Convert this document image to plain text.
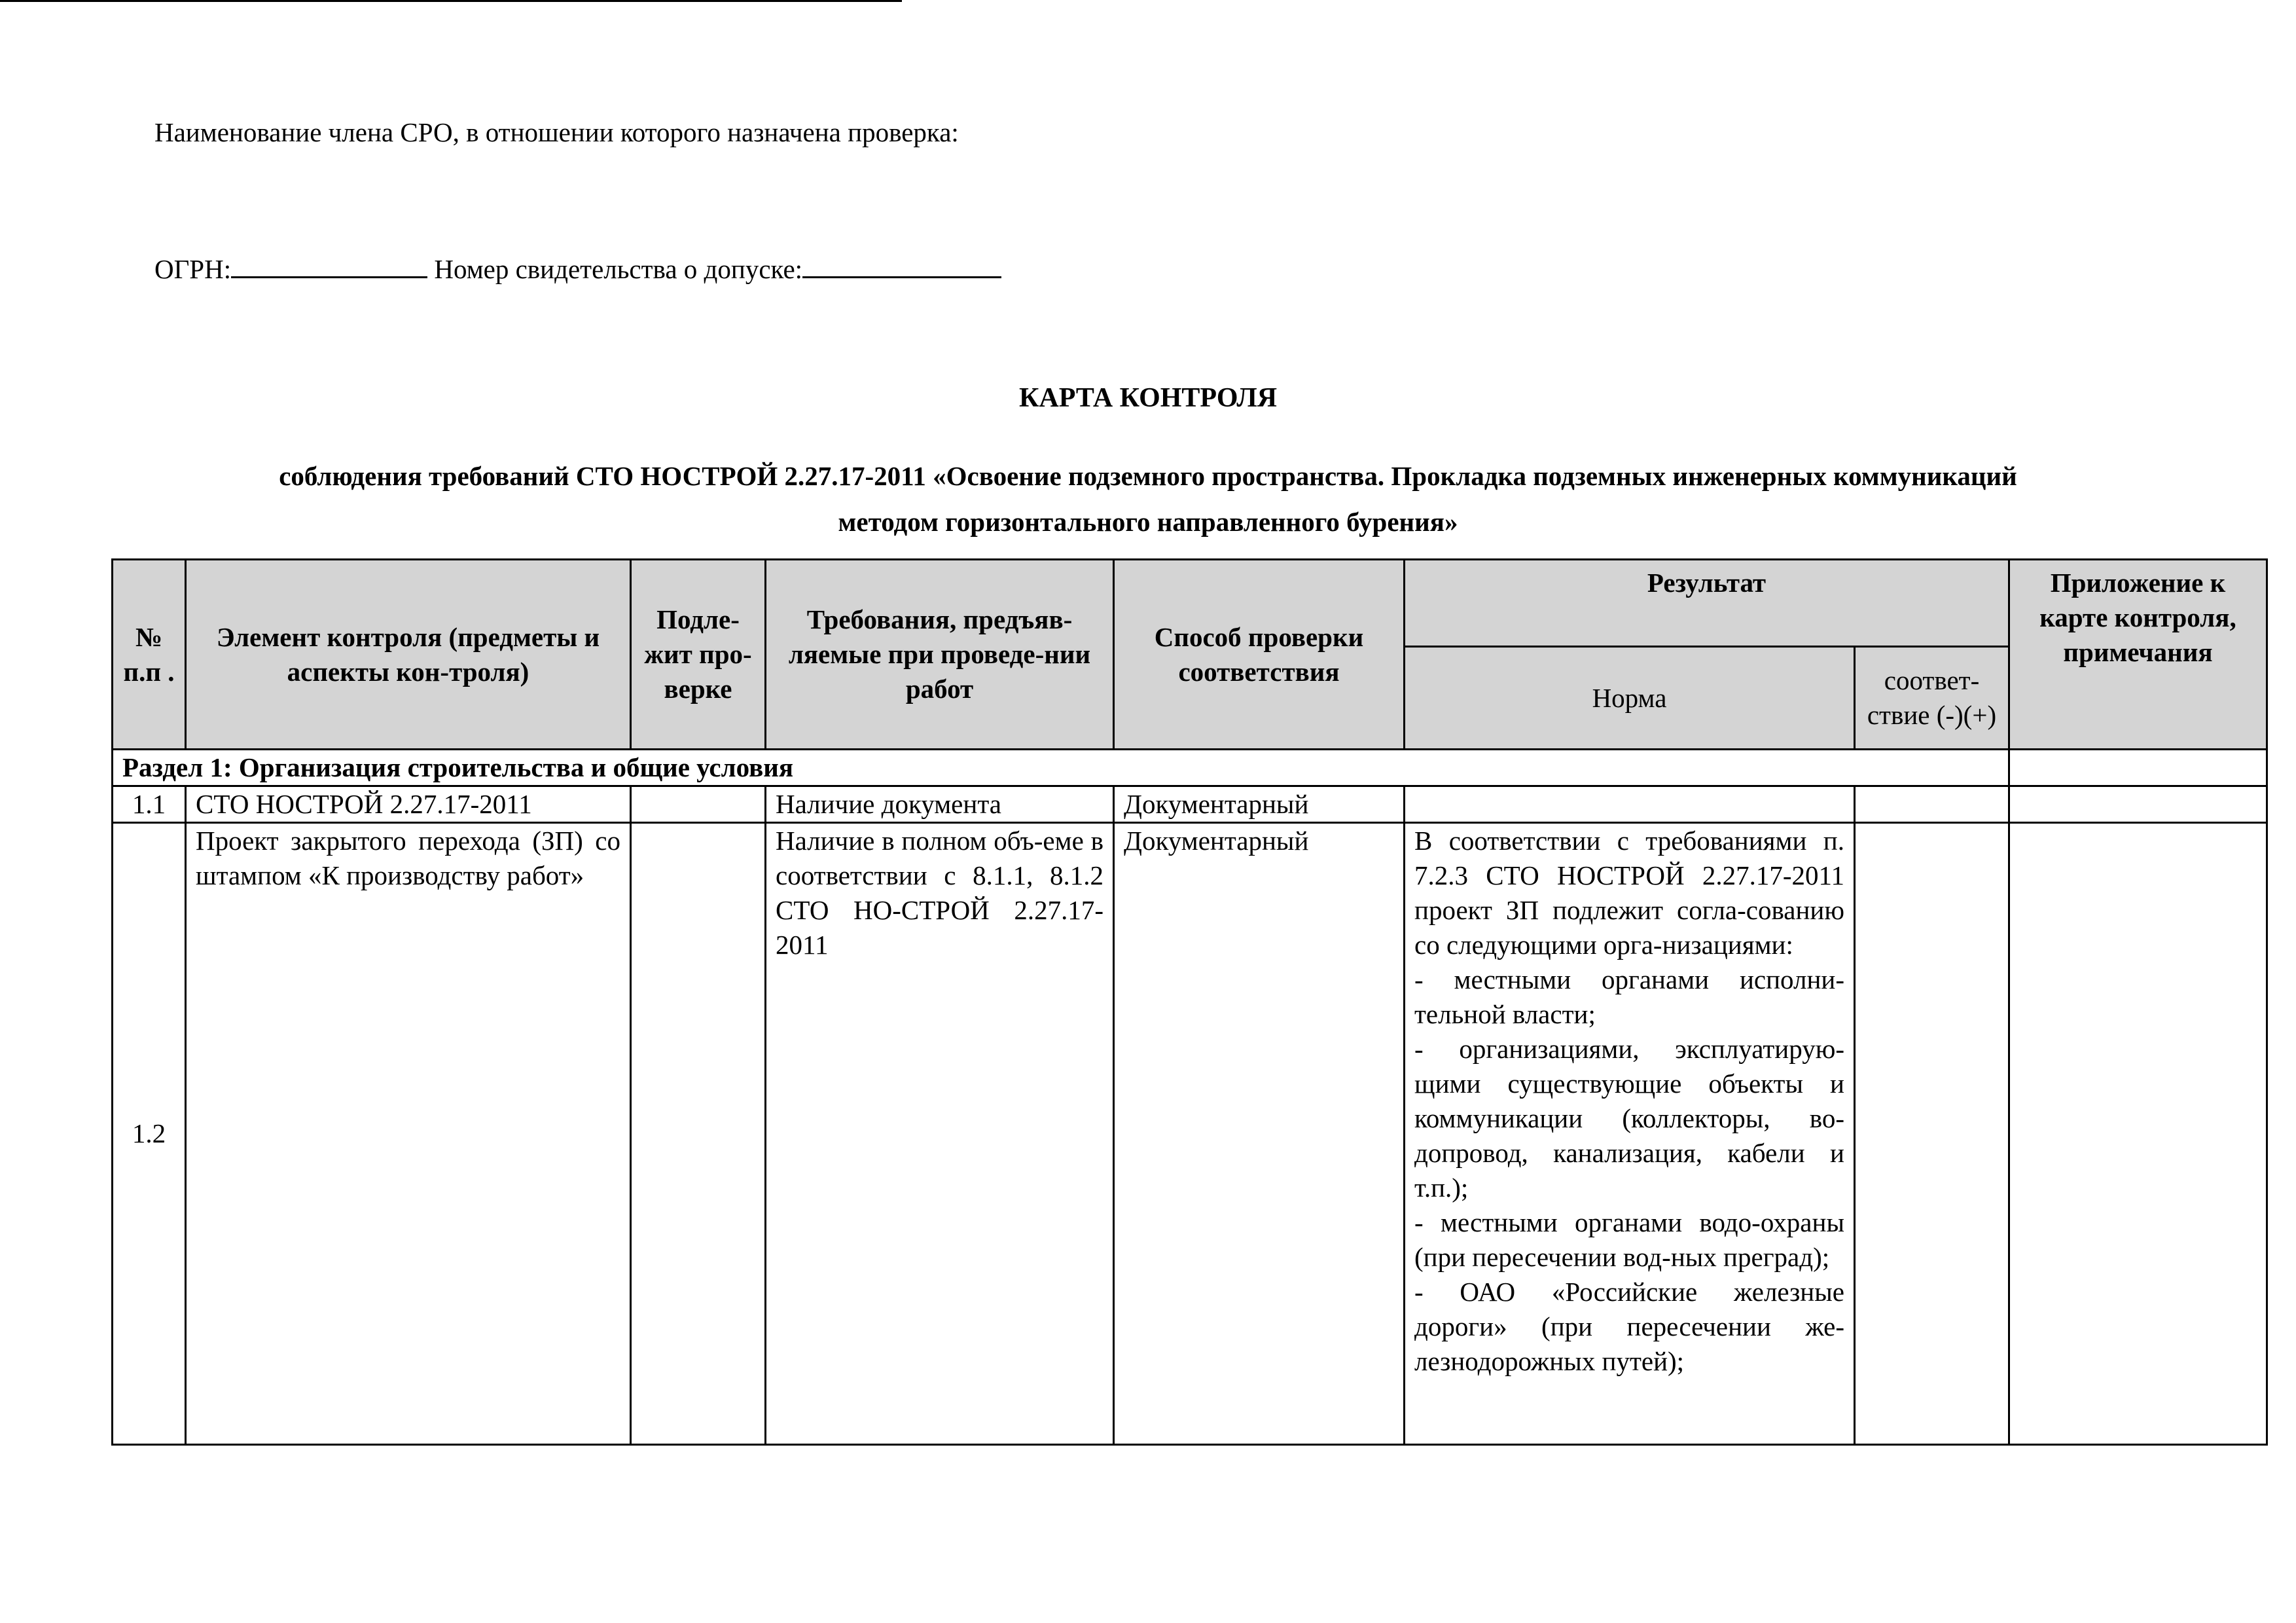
Наименование члена СРО, в отношении которого назначена проверка:
ОГРН:	Номер свидетельства о допуске:
КАРТА КОНТРОЛЯ
соблюдения требований СТО НОСТРОЙ 2.27.17-2011 «Освоение подземного пространства. Прокладка подземных инженерных коммуникаций
методом горизонтального направленного бурения»
№ п.п .	Элемент контроля (предметы и аспекты кон-троля)	Подле-жит про-верке	Требования, предъяв-ляемые при проведе-нии работ	Способ проверки соответствия	Результат		Приложение к карте контроля, примечания
					Норма	соответ-ствие (-)(+)	
Раздел 1: Организация строительства и общие условия							
1.1	СТО НОСТРОЙ 2.27.17-2011		Наличие документа	Документарный			
1.2	Проект закрытого перехода (ЗП) со штампом «К производству работ»		Наличие в полном объ-еме в соответствии с 8.1.1, 8.1.2 СТО НО-СТРОЙ 2.27.17-2011	Документарный	В соответствии с требованиями п. 7.2.3 СТО НОСТРОЙ 2.27.17-2011 проект ЗП подлежит согла-сованию со следующими орга-низациями:
- местными органами исполни-тельной власти;
- организациями, эксплуатирую-щими существующие объекты и коммуникации (коллекторы, во-допровод, канализация, кабели и т.п.);
- местными органами водо-охраны (при пересечении вод-ных преград);
- ОАО «Российские железные дороги» (при пересечении же-лезнодорожных путей);		
